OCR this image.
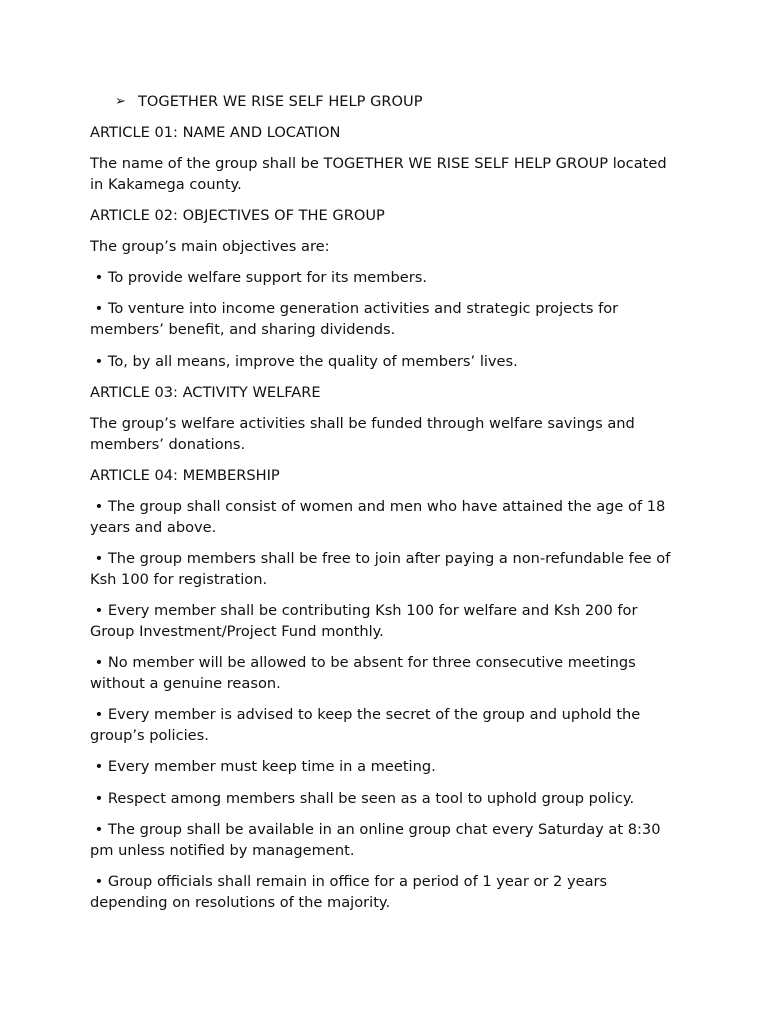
➢ TOGETHER WE RISE SELF HELP GROUP

ARTICLE 01: NAME AND LOCATION

The name of the group shall be TOGETHER WE RISE SELF HELP GROUP located in Kakamega county.

ARTICLE 02: OBJECTIVES OF THE GROUP

The group’s main objectives are:

• To provide welfare support for its members.

• To venture into income generation activities and strategic projects for members’ benefit, and sharing dividends.

• To, by all means, improve the quality of members’ lives.

ARTICLE 03: ACTIVITY WELFARE

The group’s welfare activities shall be funded through welfare savings and members’ donations.

ARTICLE 04: MEMBERSHIP

• The group shall consist of women and men who have attained the age of 18 years and above.

• The group members shall be free to join after paying a non-refundable fee of Ksh 100 for registration.

• Every member shall be contributing Ksh 100 for welfare and Ksh 200 for Group Investment/Project Fund monthly.

• No member will be allowed to be absent for three consecutive meetings without a genuine reason.

• Every member is advised to keep the secret of the group and uphold the group’s policies.

• Every member must keep time in a meeting.

• Respect among members shall be seen as a tool to uphold group policy.

• The group shall be available in an online group chat every Saturday at 8:30 pm unless notified by management.

• Group officials shall remain in office for a period of 1 year or 2 years depending on resolutions of the majority.
